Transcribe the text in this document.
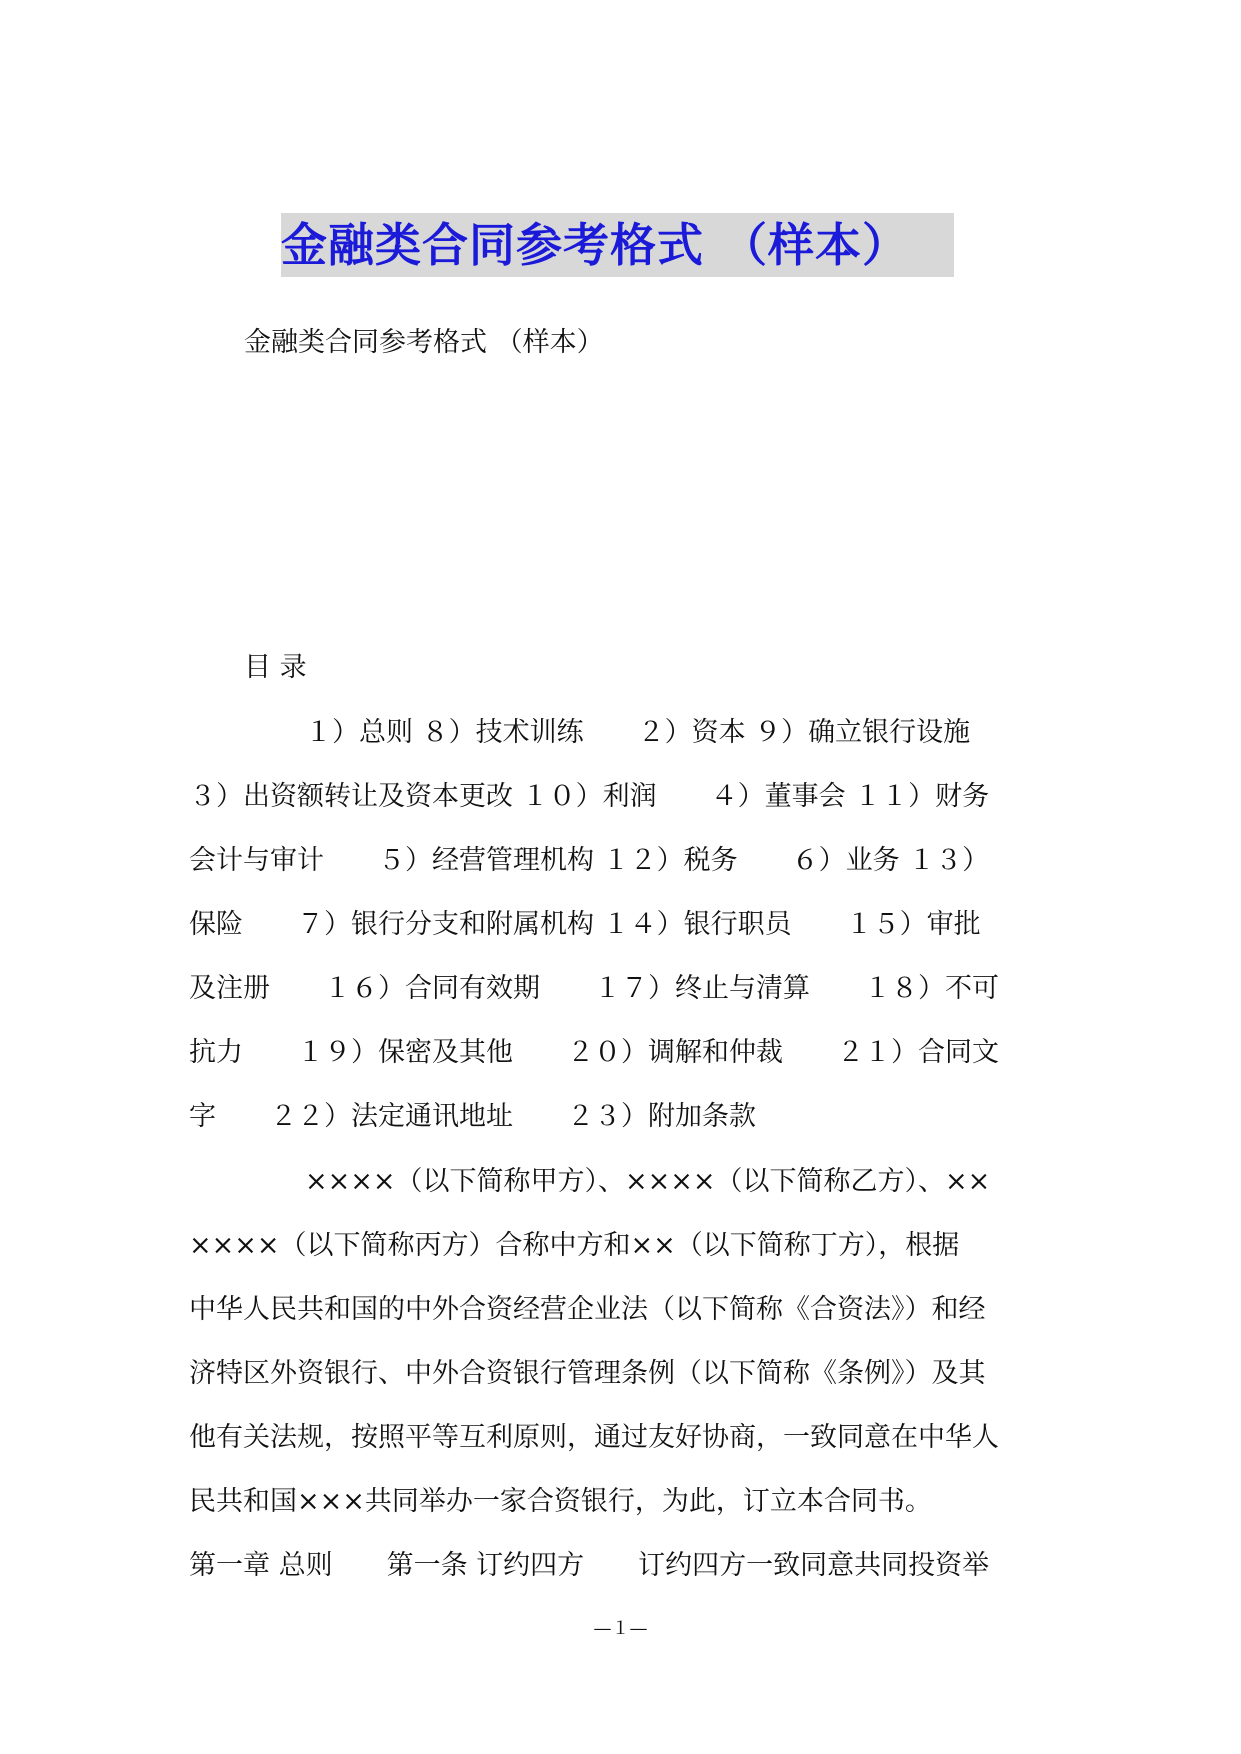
金融类合同参考格式 （样本）
金融类合同参考格式 （样本）
目 录
１）总则 ８）技术训练　　２）资本 ９）确立银行设施
３）出资额转让及资本更改 １０）利润　　４）董事会 １１）财务
会计与审计　　５）经营管理机构 １２）税务　　６）业务 １３）
保险　　７）银行分支和附属机构 １４）银行职员　　１５）审批
及注册　　１６）合同有效期　　１７）终止与清算　　１８）不可
抗力　　１９）保密及其他　　２０）调解和仲裁　　２１）合同文
字　　２２）法定通讯地址　　２３）附加条款
××××（以下简称甲方）、××××（以下简称乙方）、××
××××（以下简称丙方）合称中方和××（以下简称丁方），根据
中华人民共和国的中外合资经营企业法（以下简称《合资法》）和经
济特区外资银行、中外合资银行管理条例（以下简称《条例》）及其
他有关法规，按照平等互利原则，通过友好协商，一致同意在中华人
民共和国×××共同举办一家合资银行，为此，订立本合同书。
第一章 总则　　第一条 订约四方　　订约四方一致同意共同投资举
—１—
